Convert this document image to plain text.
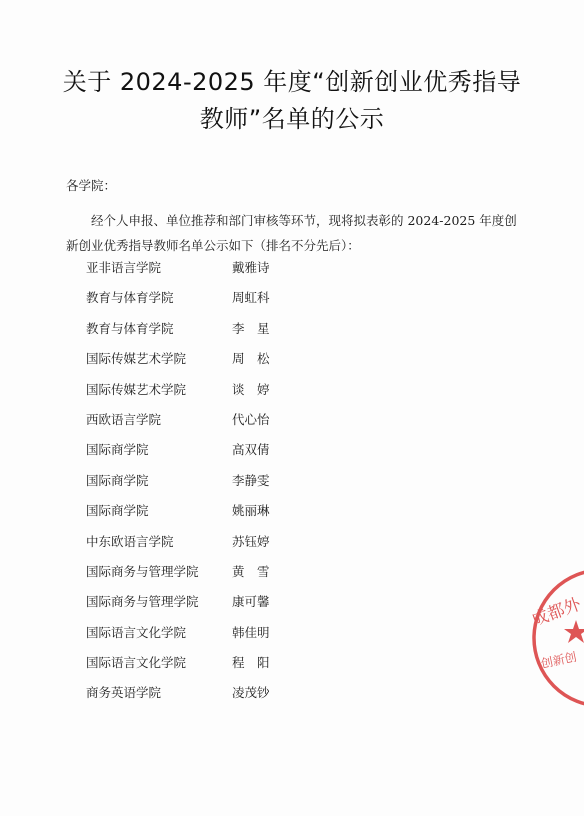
关于 2024-2025 年度“创新创业优秀指导
教师”名单的公示
各学院：
经个人申报、单位推荐和部门审核等环节，现将拟表彰的 2024-2025 年度创新创业优秀指导教师名单公示如下（排名不分先后）：
亚非语言学院	戴雅诗
教育与体育学院	周虹科
教育与体育学院	李　星
国际传媒艺术学院	周　松
国际传媒艺术学院	谈　婷
西欧语言学院	代心怡
国际商学院	高双倩
国际商学院	李静雯
国际商学院	姚丽琳
中东欧语言学院	苏钰婷
国际商务与管理学院	黄　雪
国际商务与管理学院	康可馨
国际语言文化学院	韩佳明
国际语言文化学院	程　阳
商务英语学院	凌茂钞
成都外
创新创
